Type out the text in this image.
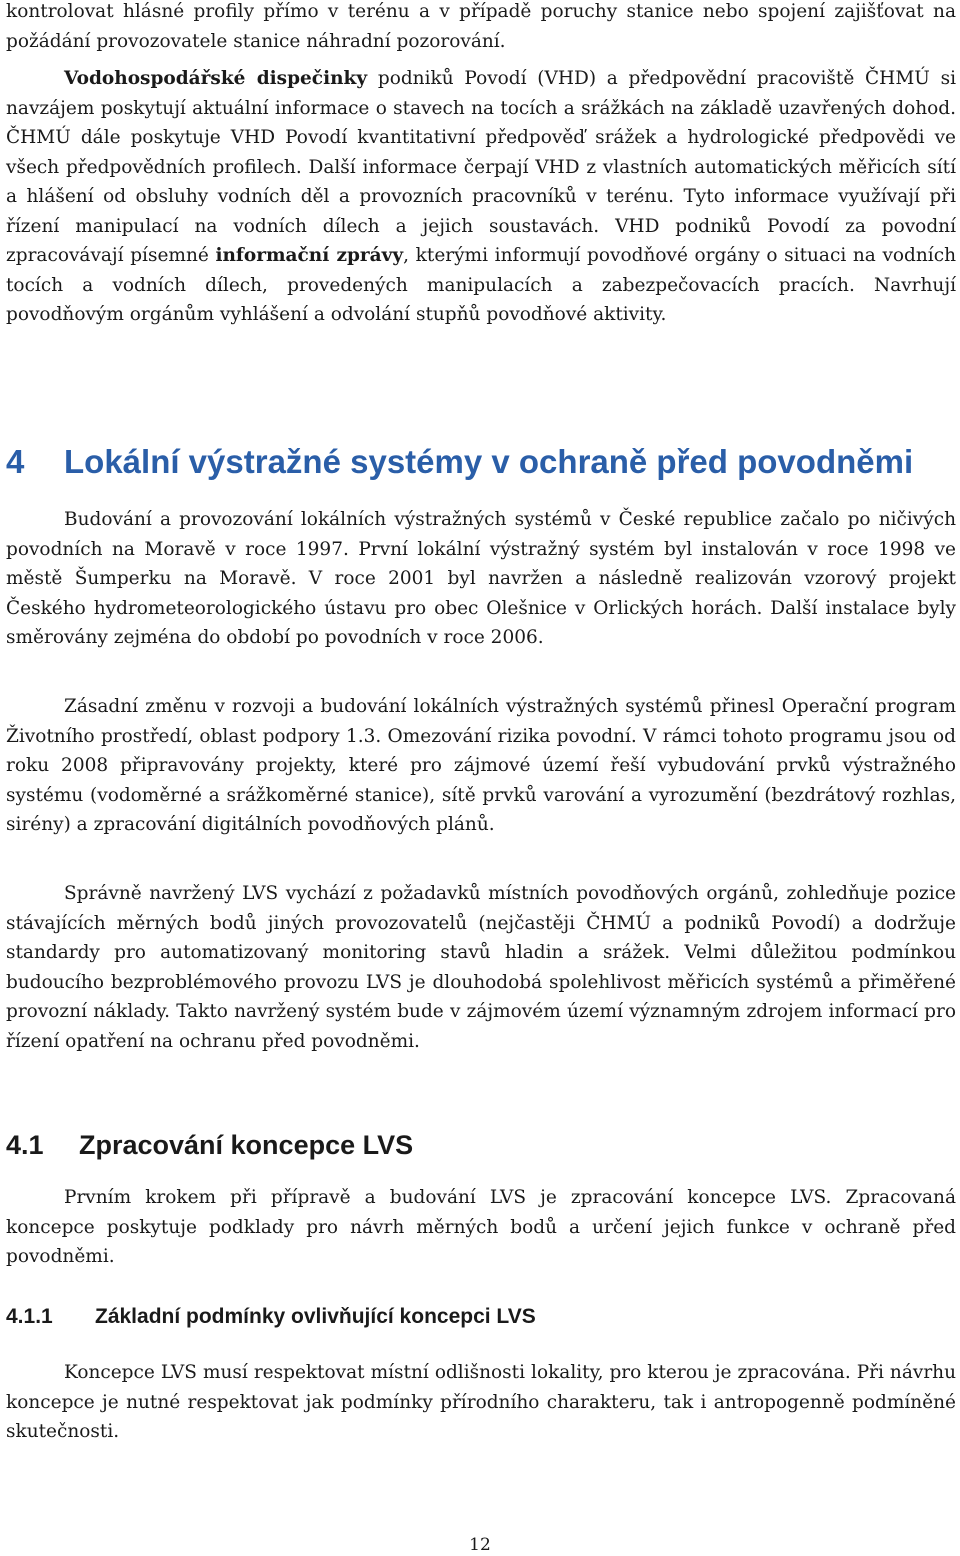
kontrolovat hlásné profily přímo v terénu a v případě poruchy stanice nebo spojení zajišťovat na požádání provozovatele stanice náhradní pozorování.

Vodohospodářské dispečinky podniků Povodí (VHD) a předpovědní pracoviště ČHMÚ si navzájem poskytují aktuální informace o stavech na tocích a srážkách na základě uzavřených dohod. ČHMÚ dále poskytuje VHD Povodí kvantitativní předpověď srážek a hydrologické předpovědi ve všech předpovědních profilech. Další informace čerpají VHD z vlastních automatických měřicích sítí a hlášení od obsluhy vodních děl a provozních pracovníků v terénu. Tyto informace využívají při řízení manipulací na vodních dílech a jejich soustavách. VHD podniků Povodí za povodní zpracovávají písemné informační zprávy, kterými informují povodňové orgány o situaci na vodních tocích a vodních dílech, provedených manipulacích a zabezpečovacích pracích. Navrhují povodňovým orgánům vyhlášení a odvolání stupňů povodňové aktivity.

4 Lokální výstražné systémy v ochraně před povodněmi

Budování a provozování lokálních výstražných systémů v České republice začalo po ničivých povodních na Moravě v roce 1997. První lokální výstražný systém byl instalován v roce 1998 ve městě Šumperku na Moravě. V roce 2001 byl navržen a následně realizován vzorový projekt Českého hydrometeorologického ústavu pro obec Olešnice v Orlických horách. Další instalace byly směrovány zejména do období po povodních v roce 2006.

Zásadní změnu v rozvoji a budování lokálních výstražných systémů přinesl Operační program Životního prostředí, oblast podpory 1.3. Omezování rizika povodní. V rámci tohoto programu jsou od roku 2008 připravovány projekty, které pro zájmové území řeší vybudování prvků výstražného systému (vodoměrné a srážkoměrné stanice), sítě prvků varování a vyrozumění (bezdrátový rozhlas, sirény) a zpracování digitálních povodňových plánů.

Správně navržený LVS vychází z požadavků místních povodňových orgánů, zohledňuje pozice stávajících měrných bodů jiných provozovatelů (nejčastěji ČHMÚ a podniků Povodí) a dodržuje standardy pro automatizovaný monitoring stavů hladin a srážek. Velmi důležitou podmínkou budoucího bezproblémového provozu LVS je dlouhodobá spolehlivost měřicích systémů a přiměřené provozní náklady. Takto navržený systém bude v zájmovém území významným zdrojem informací pro řízení opatření na ochranu před povodněmi.

4.1 Zpracování koncepce LVS

Prvním krokem při přípravě a budování LVS je zpracování koncepce LVS. Zpracovaná koncepce poskytuje podklady pro návrh měrných bodů a určení jejich funkce v ochraně před povodněmi.

4.1.1 Základní podmínky ovlivňující koncepci LVS

Koncepce LVS musí respektovat místní odlišnosti lokality, pro kterou je zpracována. Při návrhu koncepce je nutné respektovat jak podmínky přírodního charakteru, tak i antropogenně podmíněné skutečnosti.

12
